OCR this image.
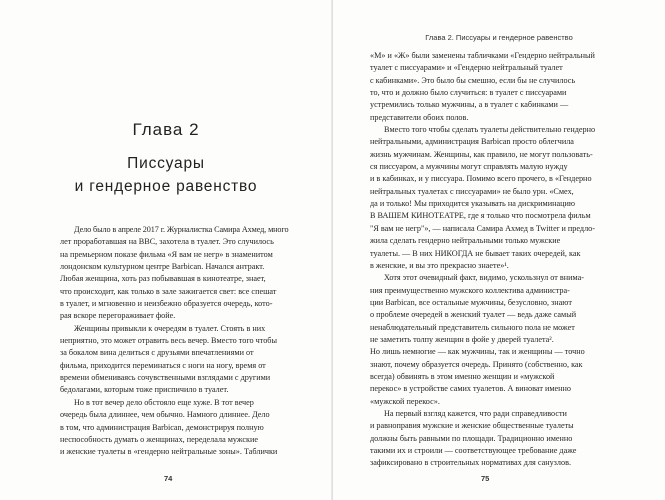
Глава 2
Писсуары
и гендерное равенство
Дело было в апреле 2017 г. Журналистка Самира Ахмед, много
лет проработавшая на BBC, захотела в туалет. Это случилось
на премьерном показе фильма «Я вам не негр» в знаменитом
лондонском культурном центре Barbican. Начался антракт.
Любая женщина, хоть раз побывавшая в кинотеатре, знает,
что происходит, как только в зале зажигается свет: все спешат
в туалет, и мгновенно и неизбежно образуется очередь, кото-
рая вскоре перегораживает фойе.
Женщины привыкли к очередям в туалет. Стоять в них
неприятно, это может отравить весь вечер. Вместо того чтобы
за бокалом вина делиться с друзьями впечатлениями от
фильма, приходится переминаться с ноги на ногу, время от
времени обмениваясь сочувственными взглядами с другими
бедолагами, которым тоже приспичило в туалет.
Но в тот вечер дело обстояло еще хуже. В тот вечер
очередь была длиннее, чем обычно. Намного длиннее. Дело
в том, что администрация Barbican, демонстрируя полную
неспособность думать о женщинах, переделала мужские
и женские туалеты в «гендерно нейтральные зоны». Таблички
74
Глава 2. Писсуары и гендерное равенство
«М» и «Ж» были заменены табличками «Гендерно нейтральный
туалет с писсуарами» и «Гендерно нейтральный туалет
с кабинками». Это было бы смешно, если бы не случилось
то, что и должно было случиться: в туалет с писсуарами
устремились только мужчины, а в туалет с кабинками —
представители обоих полов.
Вместо того чтобы сделать туалеты действительно гендерно
нейтральными, администрация Barbican просто облегчила
жизнь мужчинам. Женщины, как правило, не могут пользовать-
ся писсуаром, а мужчины могут справлять малую нужду
и в кабинках, и у писсуара. Помимо всего прочего, в «Гендерно
нейтральных туалетах с писсуарами» не было урн. «Смех,
да и только! Мы приходится указывать на дискриминацию
В ВАШЕМ КИНОТЕАТРЕ, где я только что посмотрела фильм
"Я вам не негр"», — написала Самира Ахмед в Twitter и предло-
жила сделать гендерно нейтральными только мужские
туалеты. — В них НИКОГДА не бывает таких очередей, как
в женские, и вы это прекрасно знаете»¹.
Хотя этот очевидный факт, видимо, ускользнул от внима-
ния преимущественно мужского коллектива администра-
ции Barbican, все остальные мужчины, безусловно, знают
о проблеме очередей в женский туалет — ведь даже самый
ненаблюдательный представитель сильного пола не может
не заметить толпу женщин в фойе у дверей туалета².
Но лишь немногие — как мужчины, так и женщины — точно
знают, почему образуется очередь. Принято (собственно, как
всегда) обвинять в этом именно женщин и «мужской
перекос» в устройстве самих туалетов. А виноват именно
«мужской перекос».
На первый взгляд кажется, что ради справедливости
и равноправия мужские и женские общественные туалеты
должны быть равными по площади. Традиционно именно
такими их и строили — соответствующее требование даже
зафиксировано в строительных нормативах для санузлов.
75
